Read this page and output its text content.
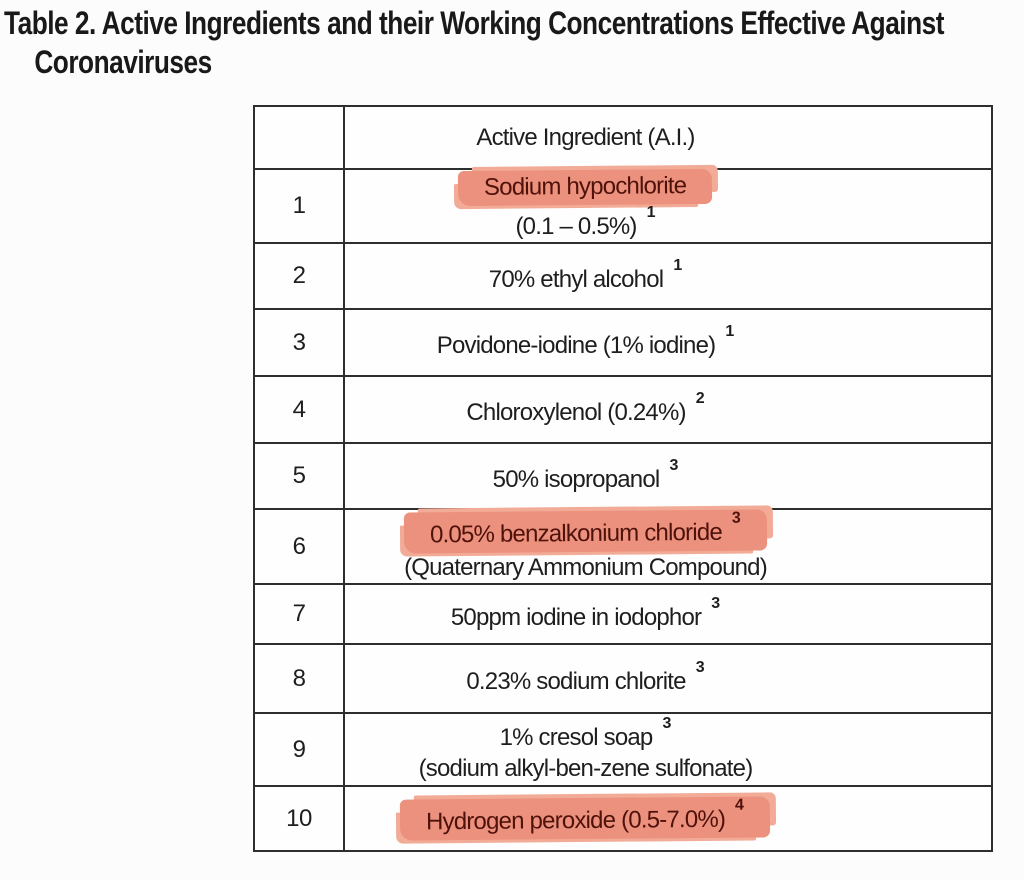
Table 2. Active Ingredients and their Working Concentrations Effective Against
Coronaviruses
Active Ingredient (A.I.)
1
Sodium hypochlorite
(0.1 – 0.5%)$^1$
2	70% ethyl alcohol$^1$
3	Povidone-iodine (1% iodine)$^1$
4	Chloroxylenol (0.24%)$^2$
5	50% isopropanol$^3$
6	0.05% benzalkonium chloride$^3$
(Quaternary Ammonium Compound)
7	50ppm iodine in iodophor$^3$
8	0.23% sodium chlorite$^3$
9	1% cresol soap$^3$
(sodium alkyl-ben-zene sulfonate)
10	Hydrogen peroxide (0.5-7.0%)$^4$
